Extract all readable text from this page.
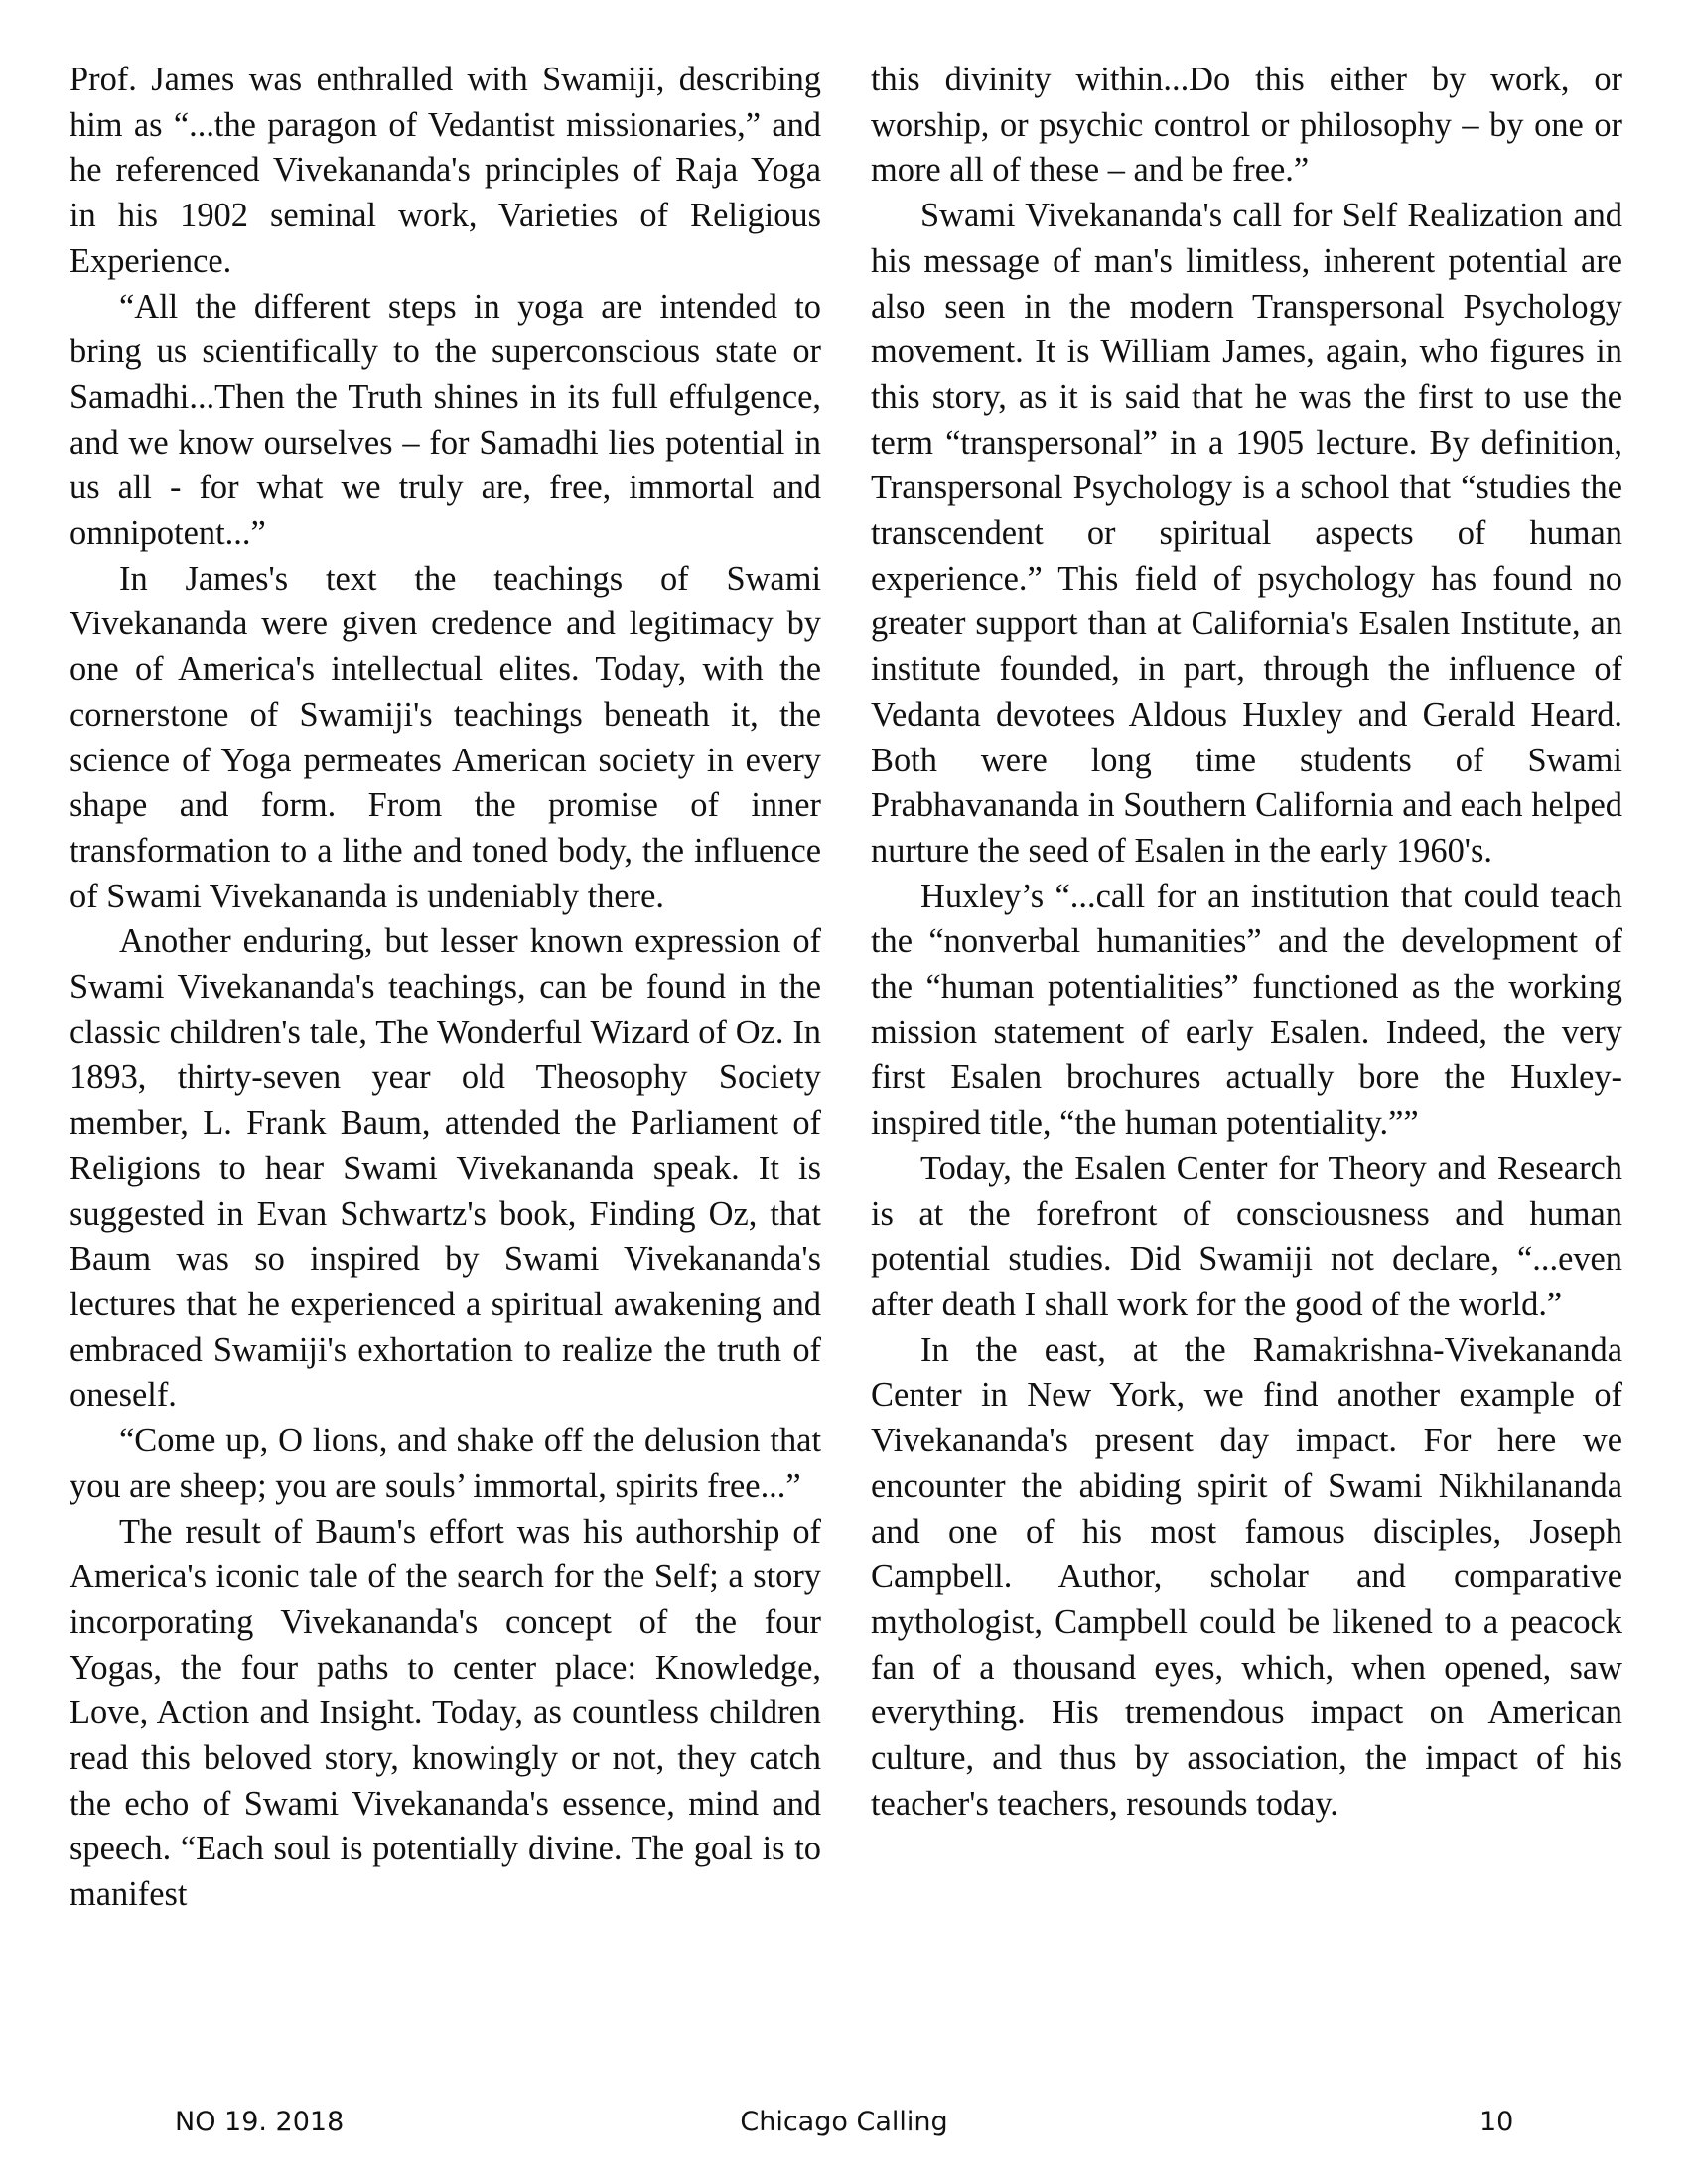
Prof. James was enthralled with Swamiji, describing him as “...the paragon of Vedantist missionaries,” and he referenced Vivekananda's principles of Raja Yoga in his 1902 seminal work, Varieties of Religious Experience.

“All the different steps in yoga are intended to bring us scientifically to the superconscious state or Samadhi...Then the Truth shines in its full effulgence, and we know ourselves – for Samadhi lies potential in us all - for what we truly are, free, immortal and omnipotent...”

In James's text the teachings of Swami Vivekananda were given credence and legitimacy by one of America's intellectual elites. Today, with the cornerstone of Swamiji's teachings beneath it, the science of Yoga permeates American society in every shape and form. From the promise of inner transformation to a lithe and toned body, the influence of Swami Vivekananda is undeniably there.

Another enduring, but lesser known expression of Swami Vivekananda's teachings, can be found in the classic children's tale, The Wonderful Wizard of Oz. In 1893, thirty-seven year old Theosophy Society member, L. Frank Baum, attended the Parliament of Religions to hear Swami Vivekananda speak. It is suggested in Evan Schwartz's book, Finding Oz, that Baum was so inspired by Swami Vivekananda's lectures that he experienced a spiritual awakening and embraced Swamiji's exhortation to realize the truth of oneself.

“Come up, O lions, and shake off the delusion that you are sheep; you are souls’ immortal, spirits free...”

The result of Baum's effort was his authorship of America's iconic tale of the search for the Self; a story incorporating Vivekananda's concept of the four Yogas, the four paths to center place: Knowledge, Love, Action and Insight. Today, as countless children read this beloved story, knowingly or not, they catch the echo of Swami Vivekananda's essence, mind and speech. “Each soul is potentially divine. The goal is to manifest

this divinity within...Do this either by work, or worship, or psychic control or philosophy – by one or more all of these – and be free.”

Swami Vivekananda's call for Self Realization and his message of man's limitless, inherent potential are also seen in the modern Transpersonal Psychology movement. It is William James, again, who figures in this story, as it is said that he was the first to use the term “transpersonal” in a 1905 lecture. By definition, Transpersonal Psychology is a school that “studies the transcendent or spiritual aspects of human experience.” This field of psychology has found no greater support than at California's Esalen Institute, an institute founded, in part, through the influence of Vedanta devotees Aldous Huxley and Gerald Heard. Both were long time students of Swami Prabhavananda in Southern California and each helped nurture the seed of Esalen in the early 1960's.

Huxley’s “...call for an institution that could teach the “nonverbal humanities” and the development of the “human potentialities” functioned as the working mission statement of early Esalen. Indeed, the very first Esalen brochures actually bore the Huxley-inspired title, “the human potentiality.””

Today, the Esalen Center for Theory and Research is at the forefront of consciousness and human potential studies. Did Swamiji not declare, “...even after death I shall work for the good of the world.”

In the east, at the Ramakrishna-Vivekananda Center in New York, we find another example of Vivekananda's present day impact. For here we encounter the abiding spirit of Swami Nikhilananda and one of his most famous disciples, Joseph Campbell. Author, scholar and comparative mythologist, Campbell could be likened to a peacock fan of a thousand eyes, which, when opened, saw everything. His tremendous impact on American culture, and thus by association, the impact of his teacher's teachers, resounds today.

Chicago Calling
NO 19. 2018	10
